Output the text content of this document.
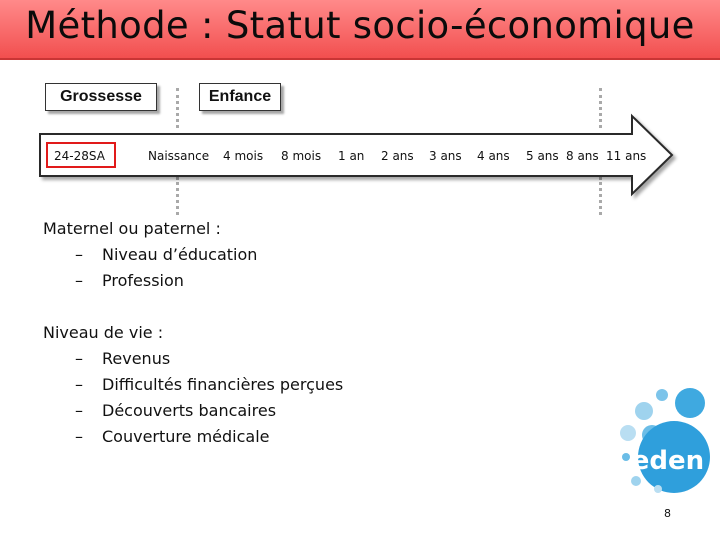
Méthode : Statut socio-économique
Grossesse	Enfance
24-28SA	Naissance 4 mois 8 mois 1 an 2 ans 3 ans 4 ans 5 ans 8 ans 11 ans

Maternel ou paternel :

– Niveau d’éducation
– Profession

Niveau de vie :

– Revenus
– Difficultés financières perçues
– Découverts bancaires
– Couverture médicale
eden
8
